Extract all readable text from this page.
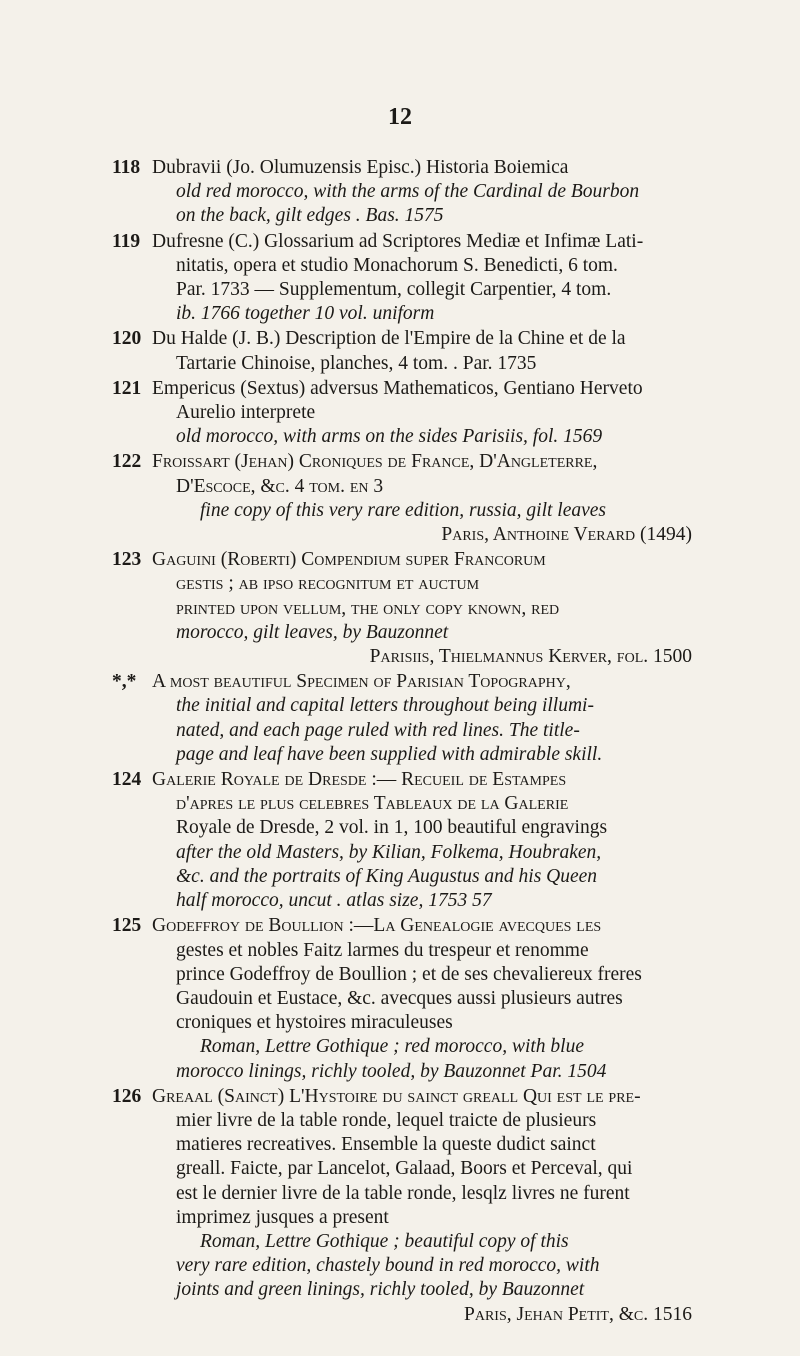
12
118 Dubravii (Jo. Olumuzensis Episc.) Historia Boiemica
old red morocco, with the arms of the Cardinal de Bourbon
on the back, gilt edges . Bas. 1575
119 Dufresne (C.) Glossarium ad Scriptores Mediæ et Infimæ Lati-
nitatis, opera et studio Monachorum S. Benedicti, 6 tom.
Par. 1733 — Supplementum, collegit Carpentier, 4 tom.
ib. 1766 together 10 vol. uniform
120 Du Halde (J. B.) Description de l'Empire de la Chine et de la
Tartarie Chinoise, planches, 4 tom. . Par. 1735
121 Empericus (Sextus) adversus Mathematicos, Gentiano Herveto
Aurelio interprete
old morocco, with arms on the sides Parisiis, fol. 1569
122 Froissart (Jehan) Croniques de France, D'Angleterre,
D'Escoce, &c. 4 tom. en 3
fine copy of this very rare edition, russia, gilt leaves
Paris, Anthoine Verard (1494)
123 Gaguini (Roberti) Compendium super Francorum
gestis ; ab ipso recognitum et auctum
printed upon vellum, the only copy known, red
morocco, gilt leaves, by Bauzonnet
Parisiis, Thielmannus Kerver, fol. 1500
*,* A most beautiful Specimen of Parisian Topography,
the initial and capital letters throughout being illumi-
nated, and each page ruled with red lines. The title-
page and leaf have been supplied with admirable skill.
124 Galerie Royale de Dresde :— Recueil de Estampes
d'apres le plus celebres Tableaux de la Galerie
Royale de Dresde, 2 vol. in 1, 100 beautiful engravings
after the old Masters, by Kilian, Folkema, Houbraken,
&c. and the portraits of King Augustus and his Queen
half morocco, uncut . atlas size, 1753 57
125 Godeffroy de Boullion :—La Genealogie avecques les
gestes et nobles Faitz larmes du trespeur et renomme
prince Godeffroy de Boullion ; et de ses chevaliereux freres
Gaudouin et Eustace, &c. avecques aussi plusieurs autres
croniques et hystoires miraculeuses
Roman, Lettre Gothique ; red morocco, with blue
morocco linings, richly tooled, by Bauzonnet Par. 1504
126 Greaal (Sainct) L'Hystoire du sainct greall Qui est le pre-
mier livre de la table ronde, lequel traicte de plusieurs
matieres recreatives. Ensemble la queste dudict sainct
greall. Faicte, par Lancelot, Galaad, Boors et Perceval, qui
est le dernier livre de la table ronde, lesqlz livres ne furent
imprimez jusques a present
Roman, Lettre Gothique ; beautiful copy of this
very rare edition, chastely bound in red morocco, with
joints and green linings, richly tooled, by Bauzonnet
Paris, Jehan Petit, &c. 1516
